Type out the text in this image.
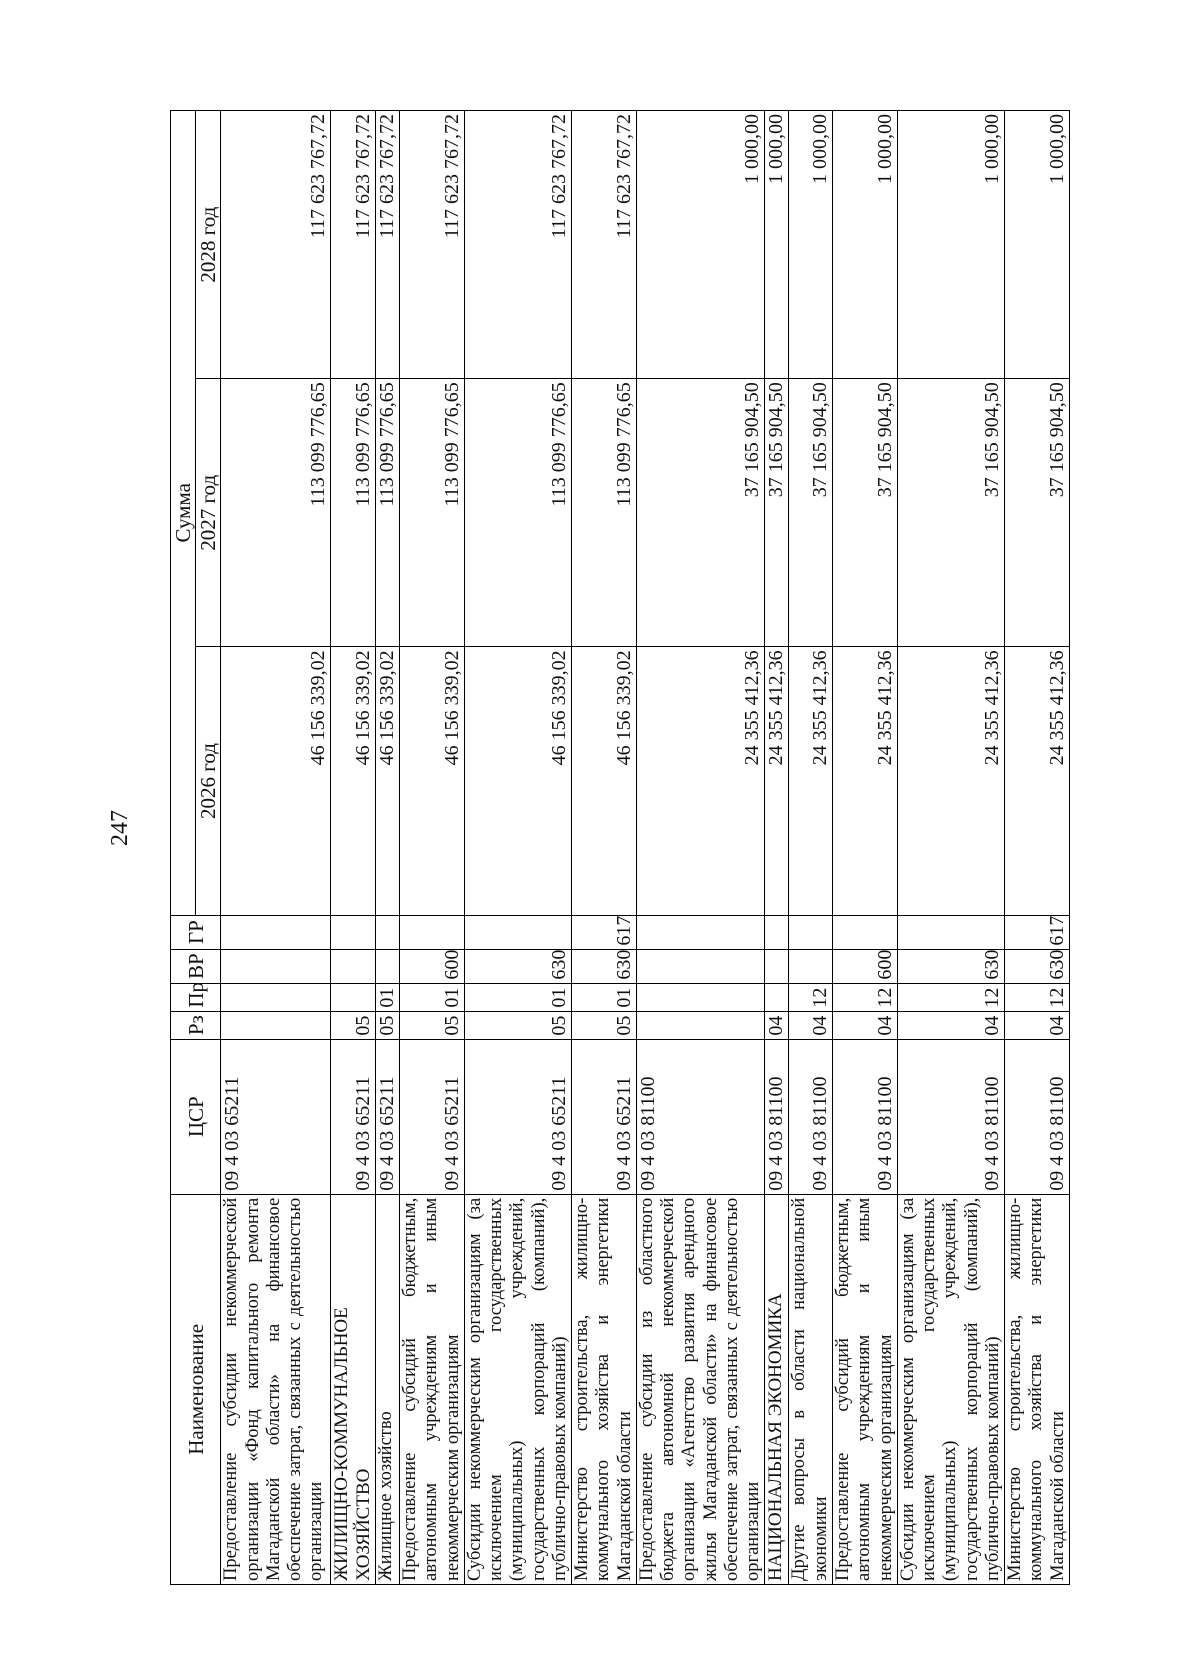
247
Наименование	ЦСР	Рз	Пр	ВР	ГР	Сумма		
						2026 год	2027 год	2028 год
Предоставление субсидии некоммерческой организации «Фонд капитального ремонта Магаданской области» на финансовое обеспечение затрат, связанных с деятельностью организации	09 4 03 65211					46 156 339,02	113 099 776,65	117 623 767,72
ЖИЛИЩНО-КОММУНАЛЬНОЕ ХОЗЯЙСТВО	09 4 03 65211	05				46 156 339,02	113 099 776,65	117 623 767,72
Жилищное хозяйство	09 4 03 65211	05	01			46 156 339,02	113 099 776,65	117 623 767,72
Предоставление субсидий бюджетным, автономным учреждениям и иным некоммерческим организациям	09 4 03 65211	05	01	600		46 156 339,02	113 099 776,65	117 623 767,72
Субсидии некоммерческим организациям (за исключением государственных (муниципальных) учреждений, государственных корпораций (компаний), публично-правовых компаний)	09 4 03 65211	05	01	630		46 156 339,02	113 099 776,65	117 623 767,72
Министерство строительства, жилищно-коммунального хозяйства и энергетики Магаданской области	09 4 03 65211	05	01	630	617	46 156 339,02	113 099 776,65	117 623 767,72
Предоставление субсидии из областного бюджета автономной некоммерческой организации «Агентство развития арендного жилья Магаданской области» на финансовое обеспечение затрат, связанных с деятельностью организации	09 4 03 81100					24 355 412,36	37 165 904,50	1 000,00
НАЦИОНАЛЬНАЯ ЭКОНОМИКА	09 4 03 81100	04				24 355 412,36	37 165 904,50	1 000,00
Другие вопросы в области национальной экономики	09 4 03 81100	04	12			24 355 412,36	37 165 904,50	1 000,00
Предоставление субсидий бюджетным, автономным учреждениям и иным некоммерческим организациям	09 4 03 81100	04	12	600		24 355 412,36	37 165 904,50	1 000,00
Субсидии некоммерческим организациям (за исключением государственных (муниципальных) учреждений, государственных корпораций (компаний), публично-правовых компаний)	09 4 03 81100	04	12	630		24 355 412,36	37 165 904,50	1 000,00
Министерство строительства, жилищно-коммунального хозяйства и энергетики Магаданской области	09 4 03 81100	04	12	630	617	24 355 412,36	37 165 904,50	1 000,00
